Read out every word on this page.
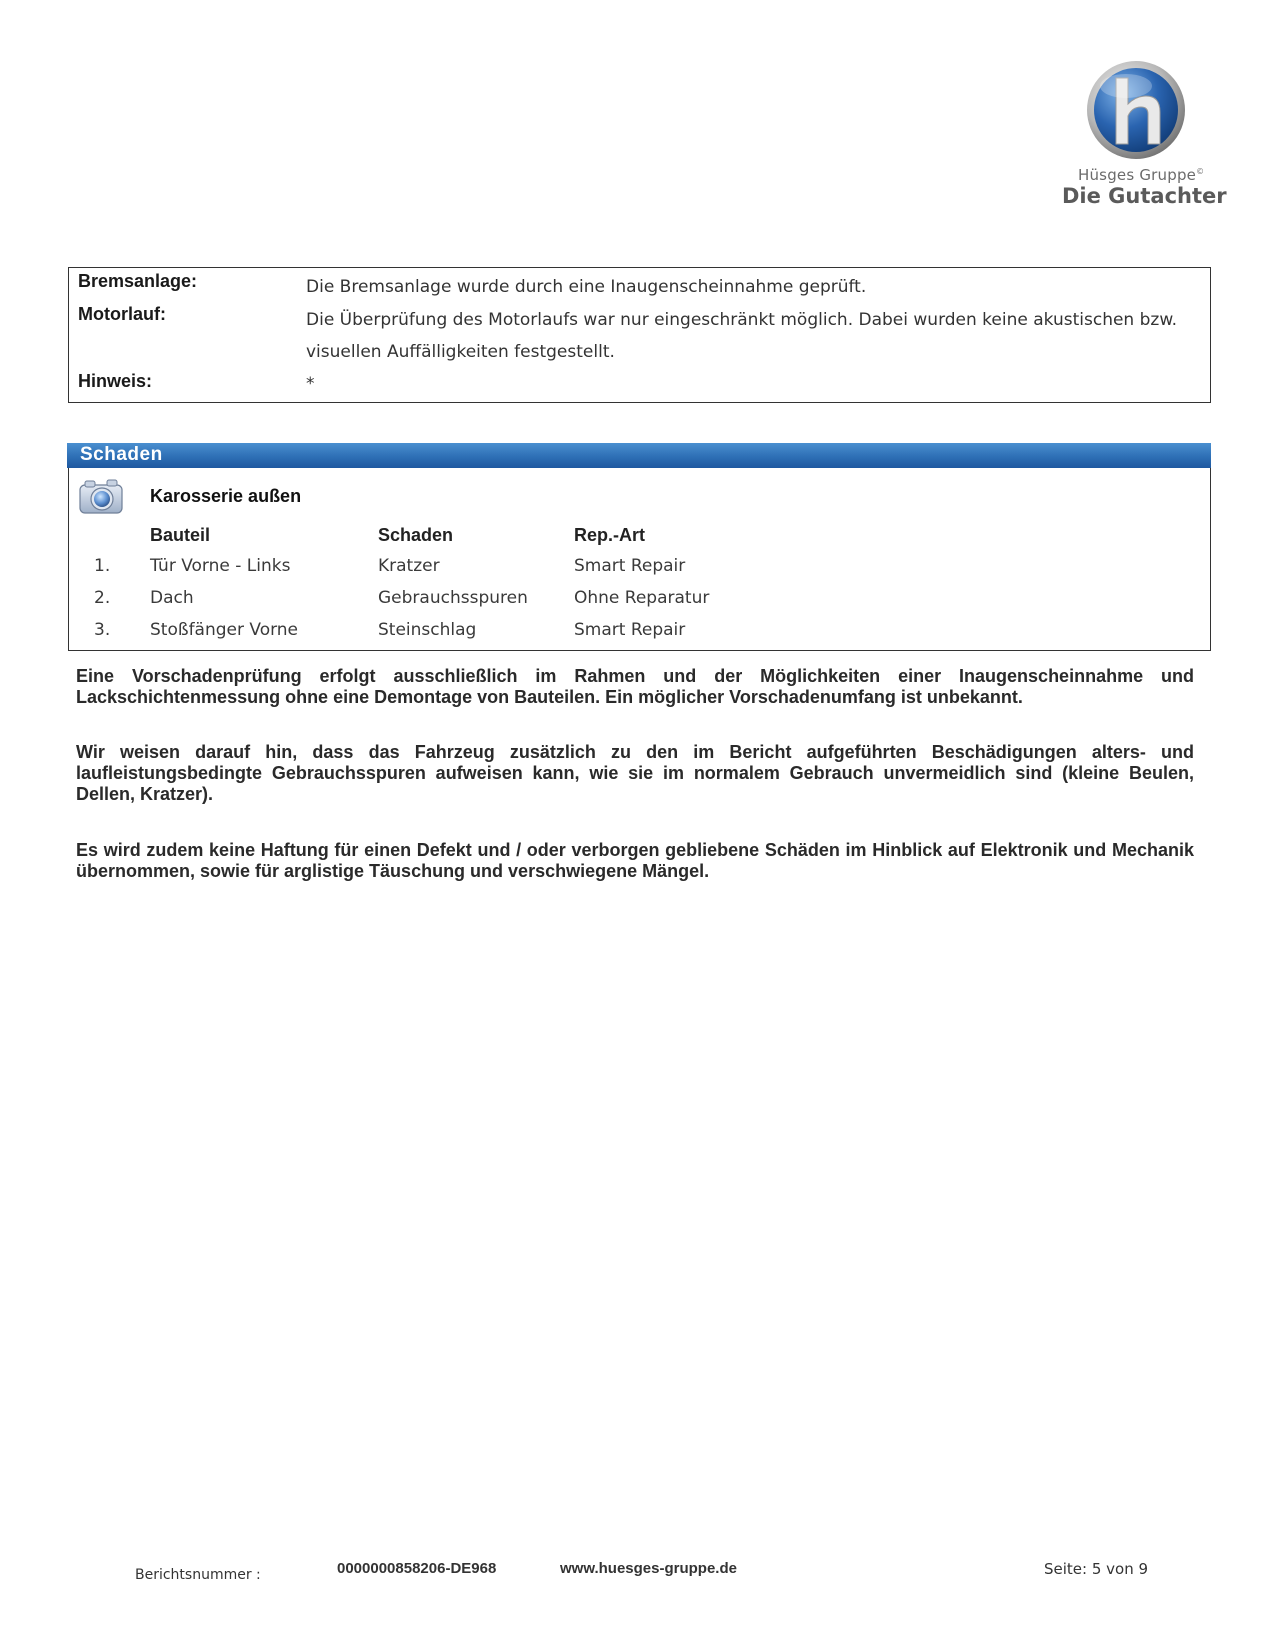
Hüsges Gruppe©
Die Gutachter
Bremsanlage:	Die Bremsanlage wurde durch eine Inaugenscheinnahme geprüft.
Motorlauf:	Die Überprüfung des Motorlaufs war nur eingeschränkt möglich. Dabei wurden keine akustischen bzw. visuellen Auffälligkeiten festgestellt.
Hinweis:	*
Schaden
Karosserie außen
Bauteil	Schaden	Rep.-Art
1. Tür Vorne - Links	Kratzer	Smart Repair
2. Dach	Gebrauchsspuren	Ohne Reparatur
3. Stoßfänger Vorne	Steinschlag	Smart Repair
Eine Vorschadenprüfung erfolgt ausschließlich im Rahmen und der Möglichkeiten einer Inaugenscheinnahme und Lackschichtenmessung ohne eine Demontage von Bauteilen. Ein möglicher Vorschadenumfang ist unbekannt.
Wir weisen darauf hin, dass das Fahrzeug zusätzlich zu den im Bericht aufgeführten Beschädigungen alters- und laufleistungsbedingte Gebrauchsspuren aufweisen kann, wie sie im normalem Gebrauch unvermeidlich sind (kleine Beulen, Dellen, Kratzer).
Es wird zudem keine Haftung für einen Defekt und / oder verborgen gebliebene Schäden im Hinblick auf Elektronik und Mechanik übernommen, sowie für arglistige Täuschung und verschwiegene Mängel.
Berichtsnummer :	0000000858206-DE968	www.huesges-gruppe.de	Seite: 5 von 9
